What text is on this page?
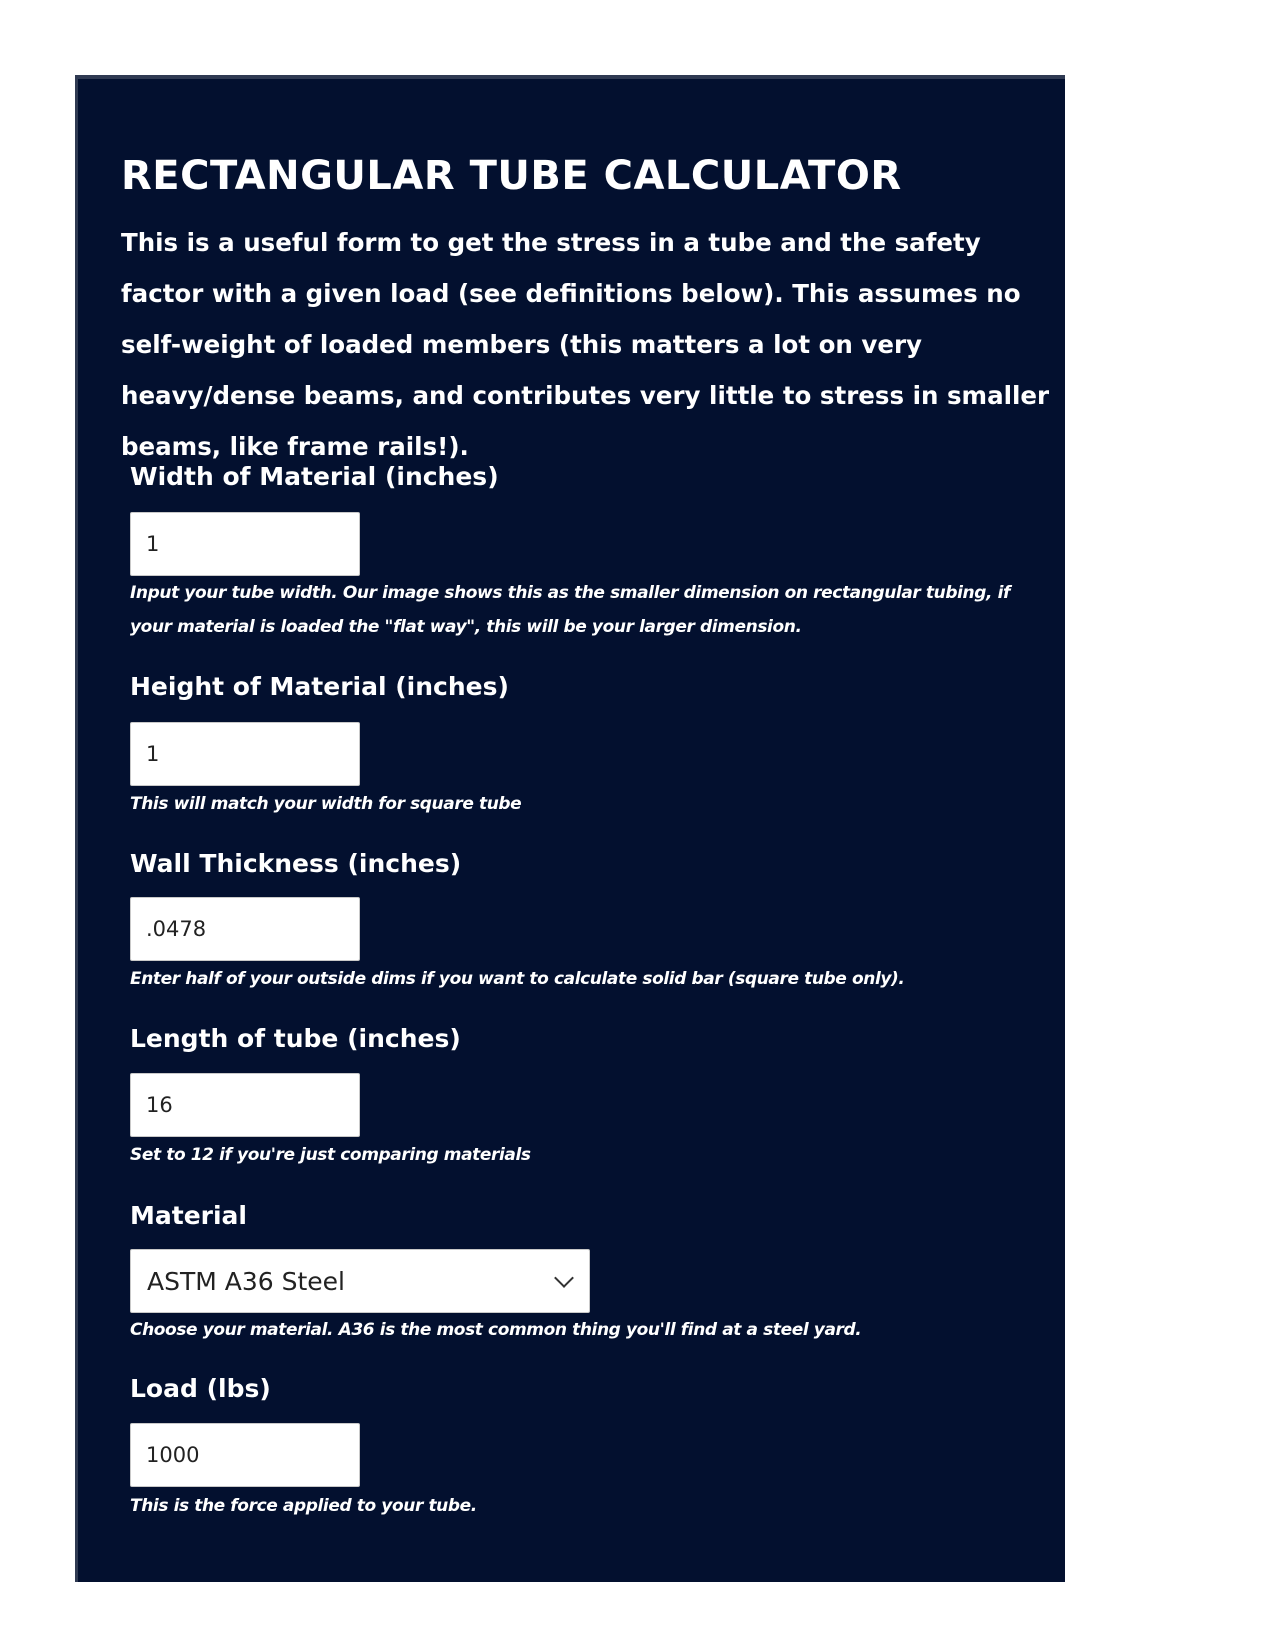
RECTANGULAR TUBE CALCULATOR

This is a useful form to get the stress in a tube and the safety factor with a given load (see definitions below). This assumes no self-weight of loaded members (this matters a lot on very heavy/dense beams, and contributes very little to stress in smaller beams, like frame rails!).

Width of Material (inches)
1

Input your tube width. Our image shows this as the smaller dimension on rectangular tubing, if your material is loaded the "flat way", this will be your larger dimension.

Height of Material (inches)
1

This will match your width for square tube

Wall Thickness (inches)
.0478

Enter half of your outside dims if you want to calculate solid bar (square tube only).

Length of tube (inches)
16

Set to 12 if you're just comparing materials

Material
ASTM A36 Steel

Choose your material. A36 is the most common thing you'll find at a steel yard.

Load (lbs)
1000

This is the force applied to your tube.
